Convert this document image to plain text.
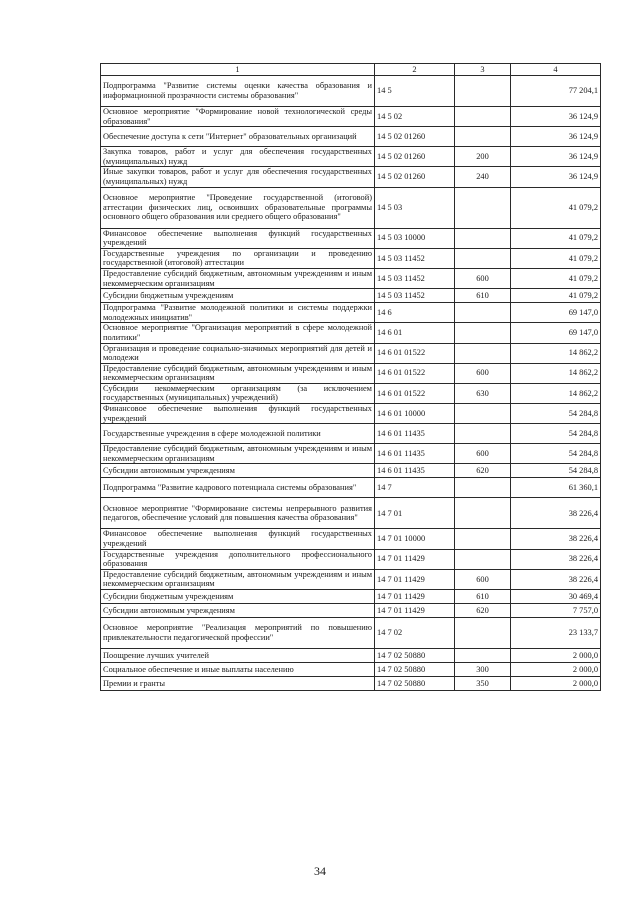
1	2	3	4
Подпрограмма "Развитие системы оценки качества образования и информационной прозрачности системы образования"	14 5		77 204,1
Основное мероприятие "Формирование новой технологической среды образования"	14 5 02		36 124,9
Обеспечение доступа к сети "Интернет" образовательных организаций	14 5 02 01260		36 124,9
Закупка товаров, работ и услуг для обеспечения государственных (муниципальных) нужд	14 5 02 01260	200	36 124,9
Иные закупки товаров, работ и услуг для обеспечения государственных (муниципальных) нужд	14 5 02 01260	240	36 124,9
Основное мероприятие "Проведение государственной (итоговой) аттестации физических лиц, освоивших образовательные программы основного общего образования или среднего общего образования"	14 5 03		41 079,2
Финансовое обеспечение выполнения функций государственных учреждений	14 5 03 10000		41 079,2
Государственные учреждения по организации и проведению государственной (итоговой) аттестации	14 5 03 11452		41 079,2
Предоставление субсидий бюджетным, автономным учреждениям и иным некоммерческим организациям	14 5 03 11452	600	41 079,2
Субсидии бюджетным учреждениям	14 5 03 11452	610	41 079,2
Подпрограмма "Развитие молодежной политики и системы поддержки молодежных инициатив"	14 6		69 147,0
Основное мероприятие "Организация мероприятий в сфере молодежной политики"	14 6 01		69 147,0
Организация и проведение социально-значимых мероприятий для детей и молодежи	14 6 01 01522		14 862,2
Предоставление субсидий бюджетным, автономным учреждениям и иным некоммерческим организациям	14 6 01 01522	600	14 862,2
Субсидии некоммерческим организациям (за исключением государственных (муниципальных) учреждений)	14 6 01 01522	630	14 862,2
Финансовое обеспечение выполнения функций государственных учреждений	14 6 01 10000		54 284,8
Государственные учреждения в сфере молодежной политики	14 6 01 11435		54 284,8
Предоставление субсидий бюджетным, автономным учреждениям и иным некоммерческим организациям	14 6 01 11435	600	54 284,8
Субсидии автономным учреждениям	14 6 01 11435	620	54 284,8
Подпрограмма "Развитие кадрового потенциала системы образования"	14 7		61 360,1
Основное мероприятие "Формирование системы непрерывного развития педагогов, обеспечение условий для повышения качества образования"	14 7 01		38 226,4
Финансовое обеспечение выполнения функций государственных учреждений	14 7 01 10000		38 226,4
Государственные учреждения дополнительного профессионального образования	14 7 01 11429		38 226,4
Предоставление субсидий бюджетным, автономным учреждениям и иным некоммерческим организациям	14 7 01 11429	600	38 226,4
Субсидии бюджетным учреждениям	14 7 01 11429	610	30 469,4
Субсидии автономным учреждениям	14 7 01 11429	620	7 757,0
Основное мероприятие "Реализация мероприятий по повышению привлекательности педагогической профессии"	14 7 02		23 133,7
Поощрение лучших учителей	14 7 02 50880		2 000,0
Социальное обеспечение и иные выплаты населению	14 7 02 50880	300	2 000,0
Премии и гранты	14 7 02 50880	350	2 000,0
34
